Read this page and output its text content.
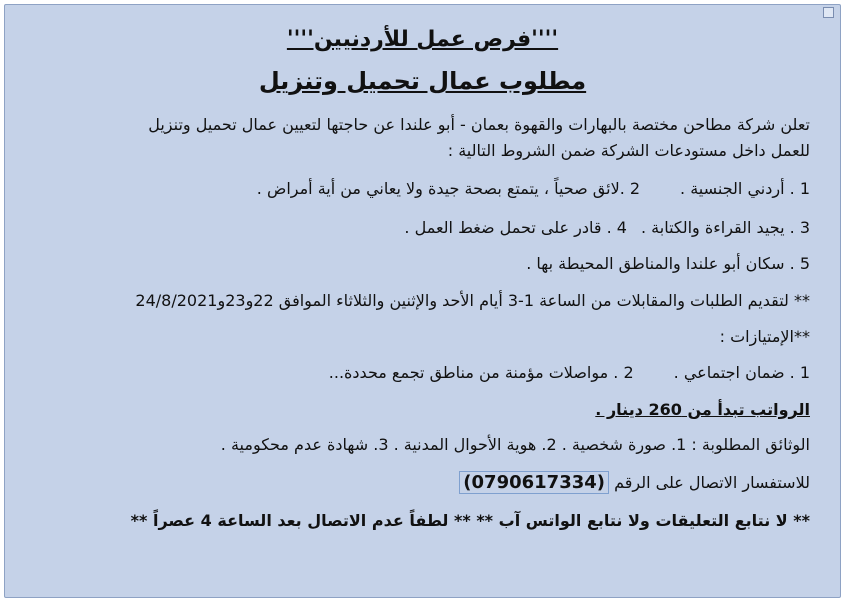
''''فرص عمل للأردنيين''''
مطلوب عمال تحميل وتنزيل
تعلن شركة مطاحن مختصة بالبهارات والقهوة بعمان - أبو علندا عن حاجتها لتعيين عمال تحميل وتنزيل
للعمل داخل مستودعات الشركة ضمن الشروط التالية :
1 . أردني الجنسية .2 .لائق صحياً ، يتمتع بصحة جيدة ولا يعاني من أية أمراض .
3 . يجيد القراءة والكتابة .4 . قادر على تحمل ضغط العمل .
5 . سكان أبو علندا والمناطق المحيطة بها .
** لتقديم الطلبات والمقابلات من الساعة 1-3 أيام الأحد والإثنين والثلاثاء الموافق 22و23و24/8/2021
**الإمتيازات :
1 . ضمان اجتماعي .2 . مواصلات مؤمنة من مناطق تجمع محددة...
الرواتب تبدأ من 260 دينار .
الوثائق المطلوبة : 1. صورة شخصية . 2. هوية الأحوال المدنية . 3. شهادة عدم محكومية .
للاستفسار الاتصال على الرقم (0790617334)
** لا نتابع التعليقات ولا نتابع الواتس آب ** ** لطفاً عدم الاتصال بعد الساعة 4 عصراً **
